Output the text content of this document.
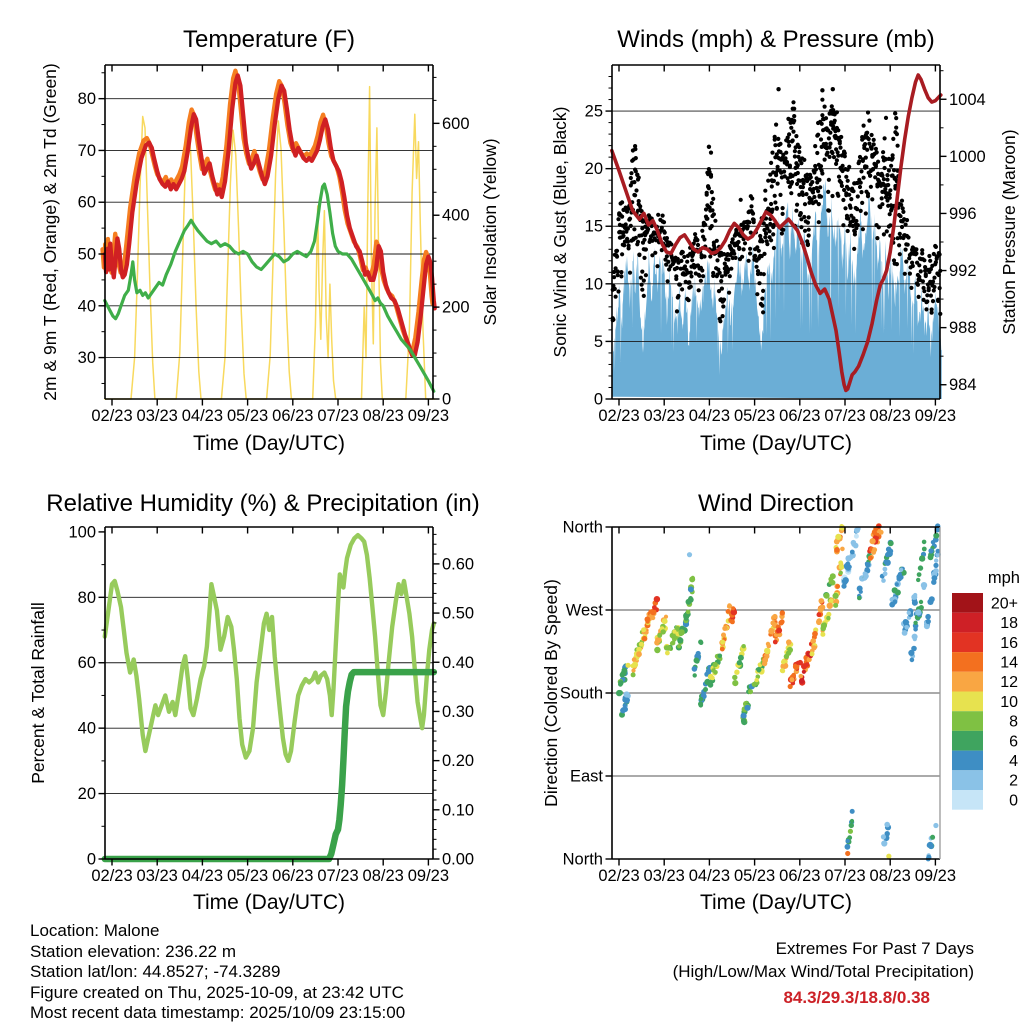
02/23 03/23 04/23 05/23 06/23 07/23 08/23 09/23
30
40
50
60
70
80
0
200
400
600
02/23 03/23 04/23 05/23 06/23 07/23 08/23 09/23
0
5
10
15
20
25
984
988
992
996
1000
1004
02/23 03/23 04/23 05/23 06/23 07/23 08/23 09/23
0
20
40
60
80
100
0.00
0.10
0.20
0.30
0.40
0.50
0.60
02/23 03/23 04/23 05/23 06/23 07/23 08/23 09/23
North
West
South
East
North
20+
18
16
14
12
10
8
6
4
2
0
Temperature (F)	Winds (mph) & Pressure (mb)
Relative Humidity (%) & Precipitation (in)	Wind Direction
Time (Day/UTC)	Time (Day/UTC)
Time (Day/UTC)	Time (Day/UTC)
2m & 9m T (Red, Orange) & 2m Td (Green)	Solar Insolation (Yellow)	Sonic Wind & Gust (Blue, Black)	Station Pressure (Maroon)
Percent & Total Rainfall	Direction (Colored By Speed)
mph
Location: Malone
Station elevation: 236.22 m
Station lat/lon: 44.8527; -74.3289
Figure created on Thu, 2025-10-09, at 23:42 UTC
Most recent data timestamp: 2025/10/09 23:15:00
Extremes For Past 7 Days
(High/Low/Max Wind/Total Precipitation)
84.3/29.3/18.8/0.38
